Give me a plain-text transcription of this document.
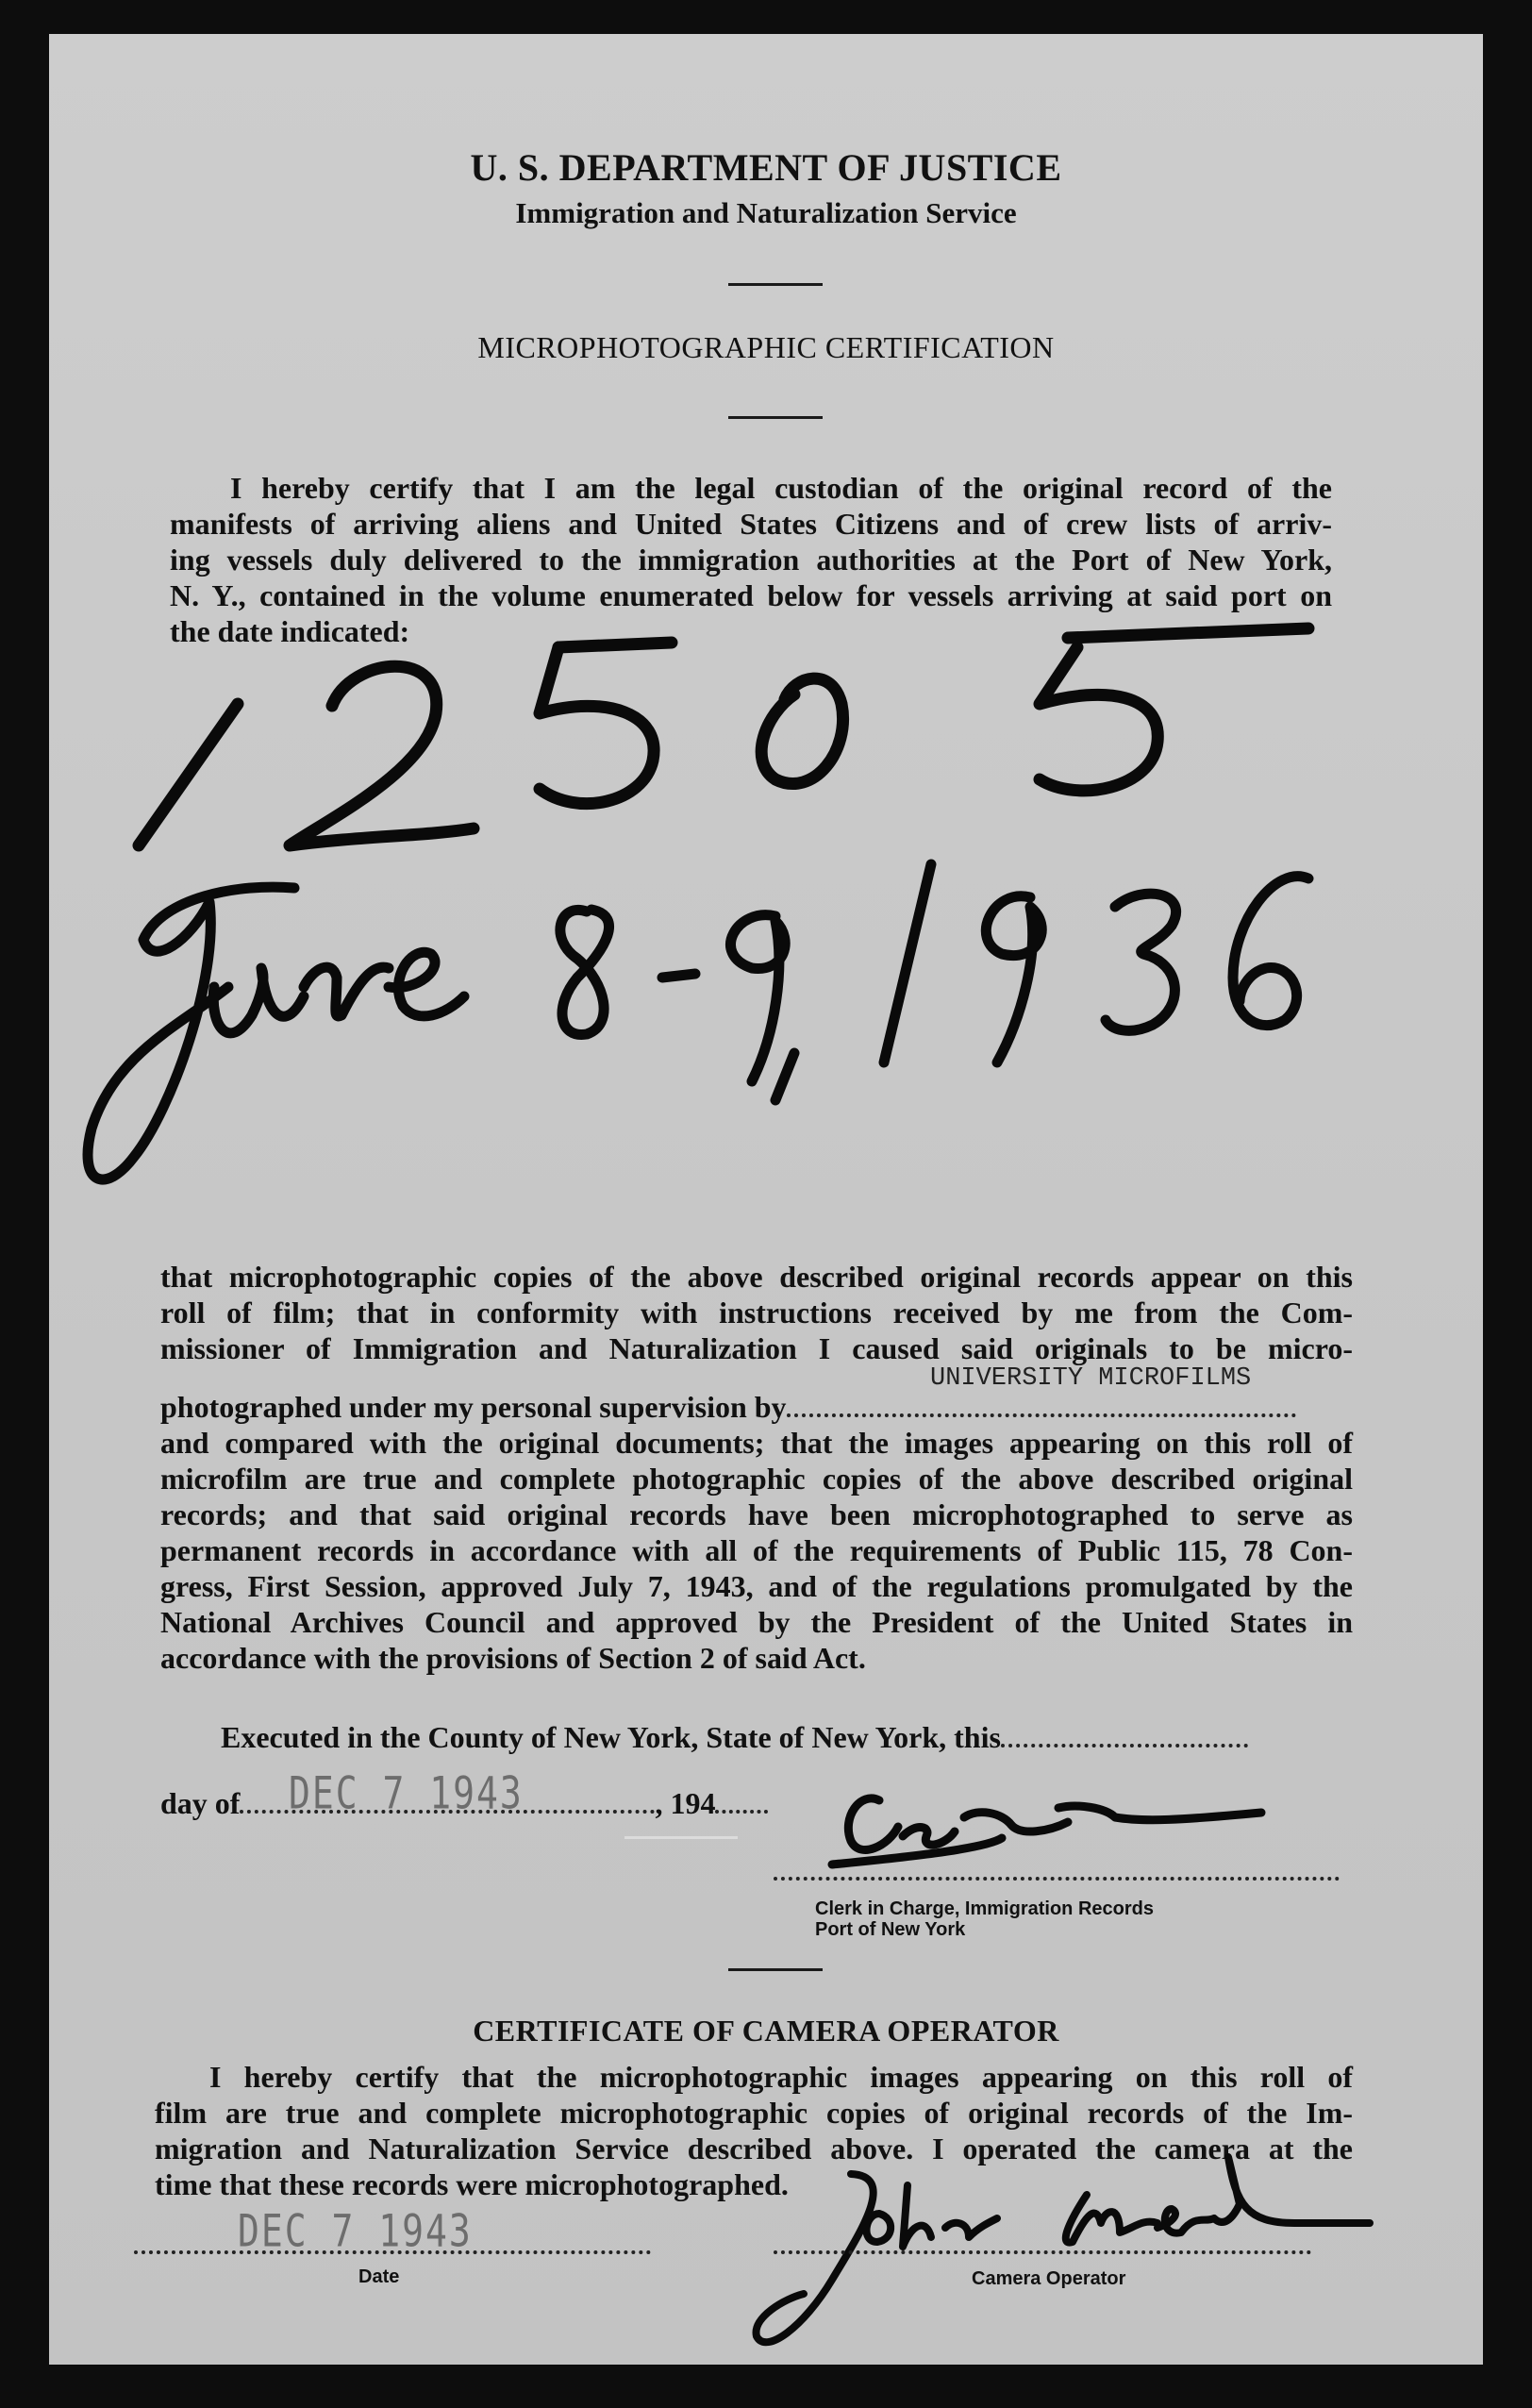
U. S. DEPARTMENT OF JUSTICE
Immigration and Naturalization Service
MICROPHOTOGRAPHIC CERTIFICATION
I hereby certify that I am the legal custodian of the original record of the
manifests of arriving aliens and United States Citizens and of crew lists of arriv-
ing vessels duly delivered to the immigration authorities at the Port of New York,
N. Y., contained in the volume enumerated below for vessels arriving at said port on
the date indicated:
that microphotographic copies of the above described original records appear on this
roll of film; that in conformity with instructions received by me from the Com-
missioner of Immigration and Naturalization I caused said originals to be micro-
photographed under my personal supervision by
UNIVERSITY MICROFILMS
and compared with the original documents; that the images appearing on this roll of
microfilm are true and complete photographic copies of the above described original
records; and that said original records have been microphotographed to serve as
permanent records in accordance with all of the requirements of Public 115, 78 Con-
gress, First Session, approved July 7, 1943, and of the regulations promulgated by the
National Archives Council and approved by the President of the United States in
accordance with the provisions of Section 2 of said Act.
Executed in the County of New York, State of New York, this
day of	, 194
DEC 7 1943
Clerk in Charge, Immigration Records
Port of New York
CERTIFICATE OF CAMERA OPERATOR
I hereby certify that the microphotographic images appearing on this roll of
film are true and complete microphotographic copies of original records of the Im-
migration and Naturalization Service described above. I operated the camera at the
time that these records were microphotographed.
DEC 7 1943
Date	Camera Operator
